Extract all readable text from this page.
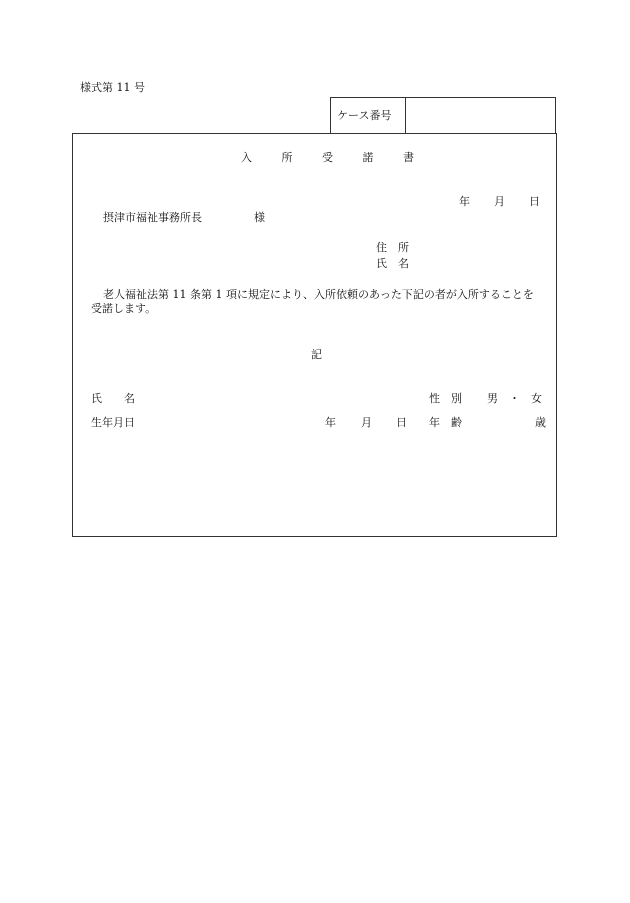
様式第 11 号
ケース番号
入	所	受	諾	書
年 月 日
摂津市福祉事務所長	様
住　所
氏　名
老人福祉法第 11 条第 1 項に規定により、入所依頼のあった下記の者が入所することを
受諾します。
記
氏　　名	性　別 男　・　女
生年月日	年 月 日 年　齢	歳
